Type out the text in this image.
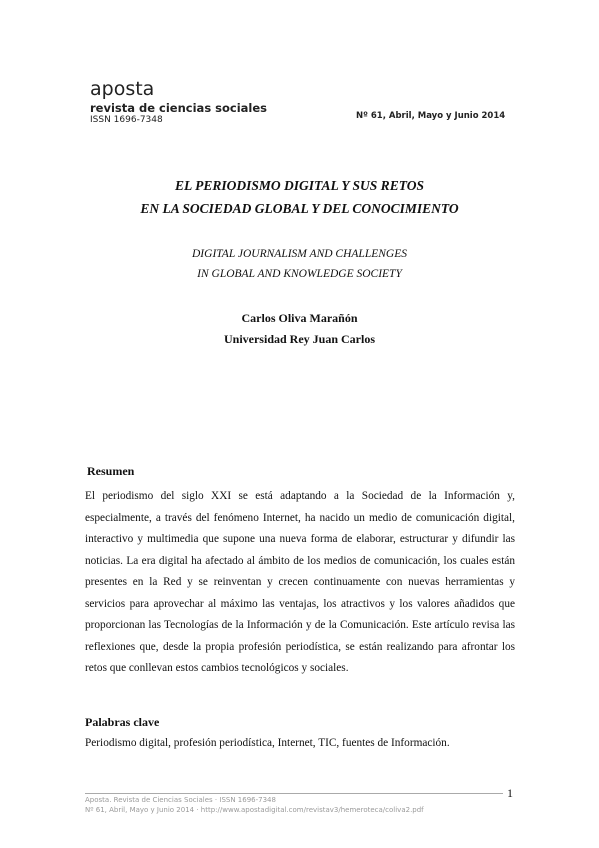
aposta
revista de ciencias sociales
ISSN 1696-7348	Nº 61, Abril, Mayo y Junio 2014
EL PERIODISMO DIGITAL Y SUS RETOS
EN LA SOCIEDAD GLOBAL Y DEL CONOCIMIENTO
DIGITAL JOURNALISM AND CHALLENGES
IN GLOBAL AND KNOWLEDGE SOCIETY
Carlos Oliva Marañón
Universidad Rey Juan Carlos
Resumen

El periodismo del siglo XXI se está adaptando a la Sociedad de la Información y, especialmente, a través del fenómeno Internet, ha nacido un medio de comunicación digital, interactivo y multimedia que supone una nueva forma de elaborar, estructurar y difundir las noticias. La era digital ha afectado al ámbito de los medios de comunicación, los cuales están presentes en la Red y se reinventan y crecen continuamente con nuevas herramientas y servicios para aprovechar al máximo las ventajas, los atractivos y los valores añadidos que proporcionan las Tecnologías de la Información y de la Comunicación. Este artículo revisa las reflexiones que, desde la propia profesión periodística, se están realizando para afrontar los retos que conllevan estos cambios tecnológicos y sociales.

Palabras clave

Periodismo digital, profesión periodística, Internet, TIC, fuentes de Información.

1
Aposta. Revista de Ciencias Sociales · ISSN 1696-7348
Nº 61, Abril, Mayo y Junio 2014 · http://www.apostadigital.com/revistav3/hemeroteca/coliva2.pdf
